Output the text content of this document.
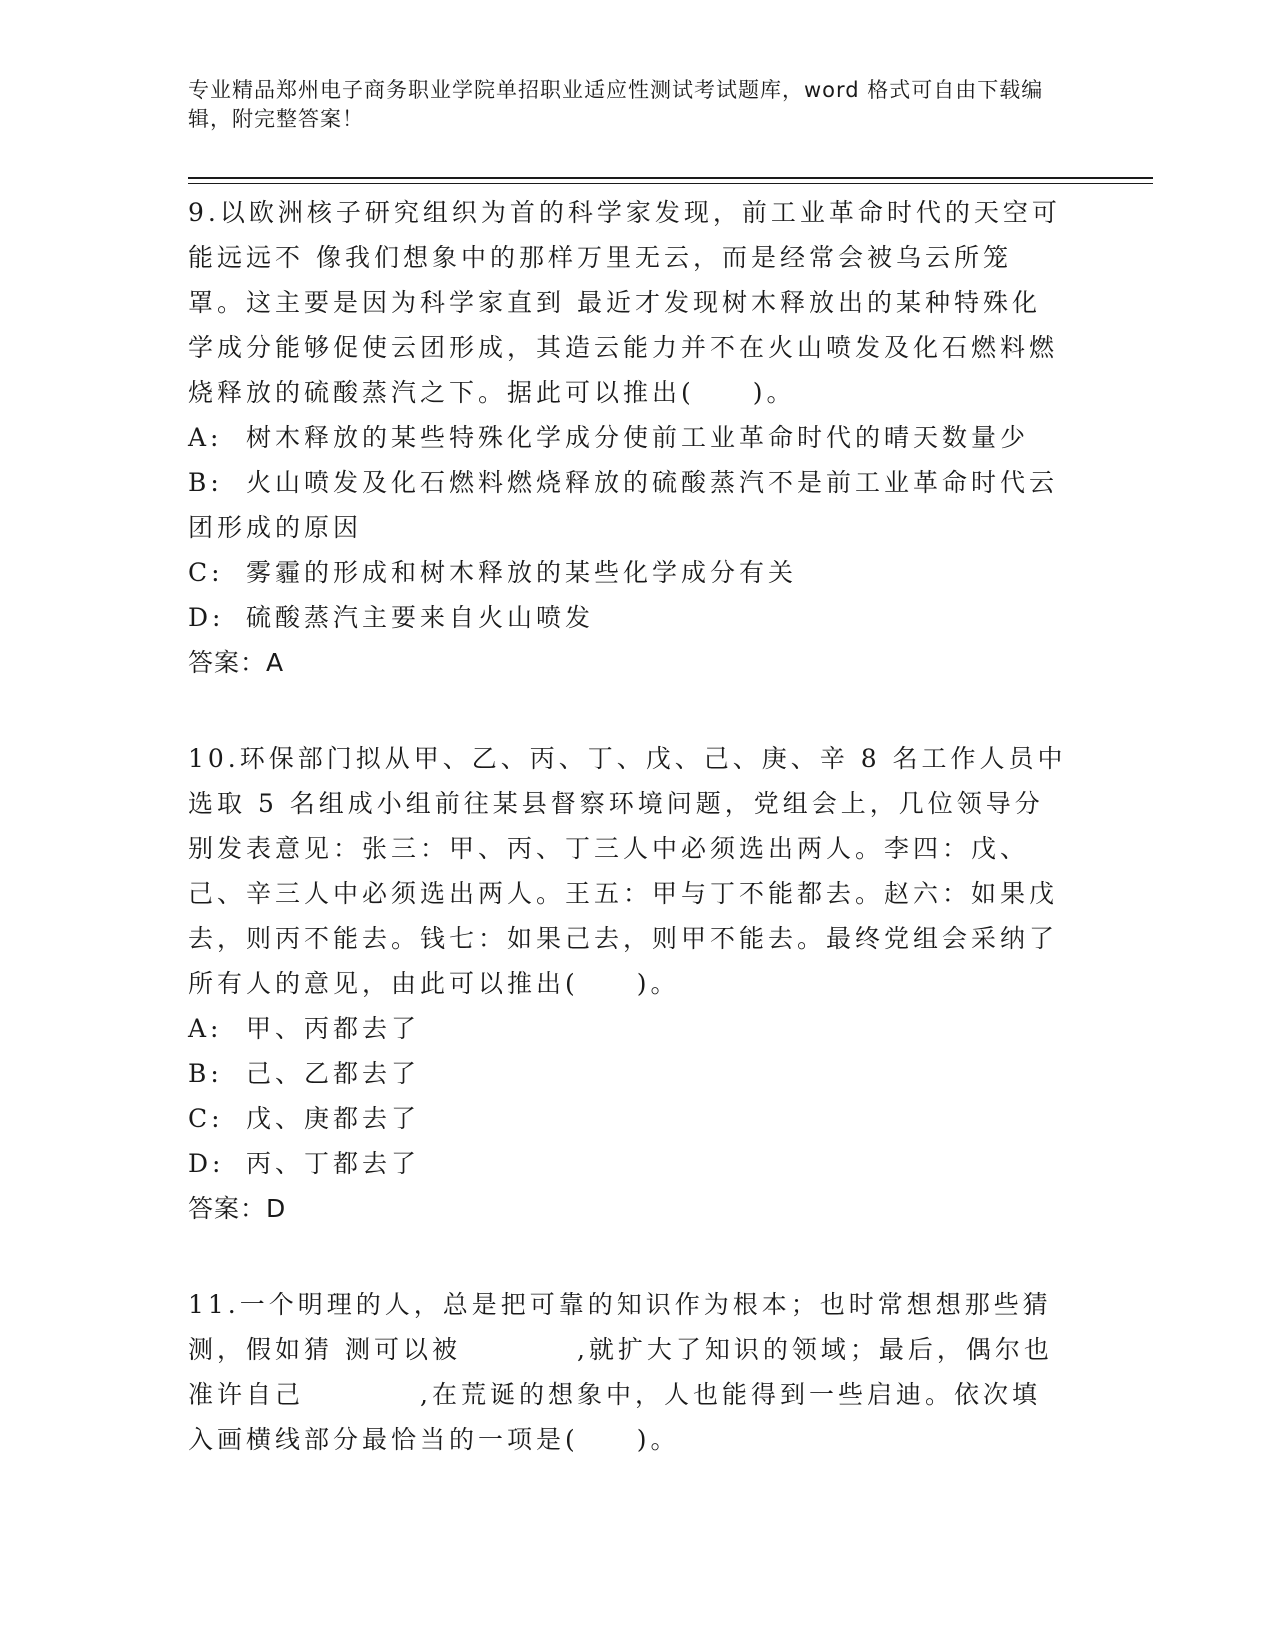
专业精品郑州电子商务职业学院单招职业适应性测试考试题库，word 格式可自由下载编辑，附完整答案！

9.以欧洲核子研究组织为首的科学家发现，前工业革命时代的天空可能远远不 像我们想象中的那样万里无云，而是经常会被乌云所笼罩。这主要是因为科学家直到 最近才发现树木释放出的某种特殊化学成分能够促使云团形成，其造云能力并不在火山喷发及化石燃料燃烧释放的硫酸蒸汽之下。据此可以推出(　　)。

A: 树木释放的某些特殊化学成分使前工业革命时代的晴天数量少
B: 火山喷发及化石燃料燃烧释放的硫酸蒸汽不是前工业革命时代云团形成的原因
C: 雾霾的形成和树木释放的某些化学成分有关
D: 硫酸蒸汽主要来自火山喷发

答案：A

10.环保部门拟从甲、乙、丙、丁、戊、己、庚、辛 8 名工作人员中选取 5 名组成小组前往某县督察环境问题，党组会上，几位领导分别发表意见：张三：甲、丙、丁三人中必须选出两人。李四：戊、己、辛三人中必须选出两人。王五：甲与丁不能都去。赵六：如果戊去，则丙不能去。钱七：如果己去，则甲不能去。最终党组会采纳了所有人的意见，由此可以推出(　　)。

A: 甲、丙都去了
B: 己、乙都去了
C: 戊、庚都去了
D: 丙、丁都去了

答案：D

11.一个明理的人，总是把可靠的知识作为根本；也时常想想那些猜测，假如猜 测可以被　　　　,就扩大了知识的领域；最后，偶尔也准许自己　　　　,在荒诞的想象中，人也能得到一些启迪。依次填入画横线部分最恰当的一项是(　　)。
